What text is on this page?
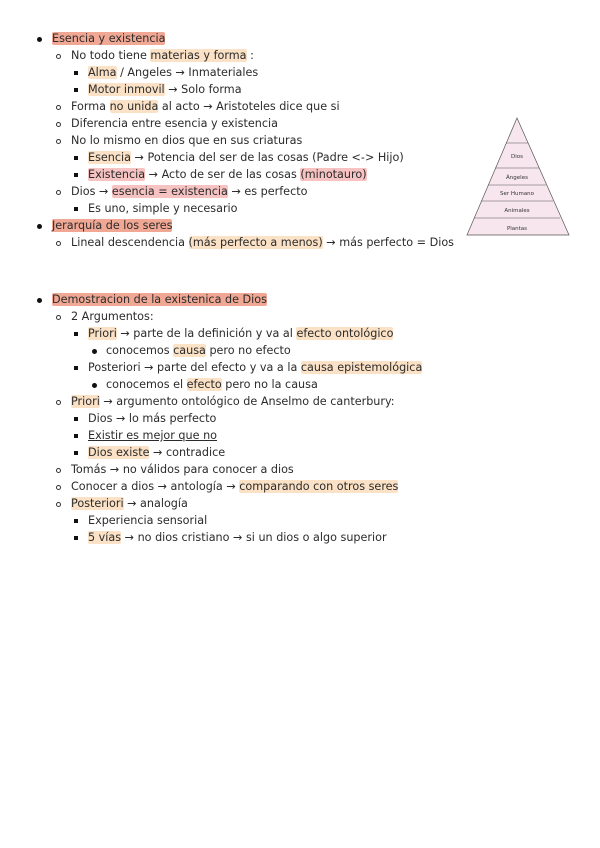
Esencia y existencia
No todo tiene materias y forma :
Alma / Angeles → Inmateriales
Motor inmovil → Solo forma
Forma no unida al acto → Aristoteles dice que si
Diferencia entre esencia y existencia
No lo mismo en dios que en sus criaturas
Esencia → Potencia del ser de las cosas (Padre <-> Hijo)
Existencia → Acto de ser de las cosas (minotauro)
Dios → esencia = existencia → es perfecto
Es uno, simple y necesario
Jerarquía de los seres
Lineal descendencia (más perfecto a menos) → más perfecto = Dios
Demostracion de la existenica de Dios
2 Argumentos:
Priori → parte de la definición y va al efecto ontológico
conocemos causa pero no efecto
Posteriori → parte del efecto y va a la causa epistemológica
conocemos el efecto pero no la causa
Priori → argumento ontológico de Anselmo de canterbury:
Dios → lo más perfecto
Existir es mejor que no
Dios existe → contradice
Tomás → no válidos para conocer a dios
Conocer a dios → antología → comparando con otros seres
Posteriori → analogía
Experiencia sensorial
5 vías → no dios cristiano → si un dios o algo superior
Dios
Ángeles
Ser Humano
Animales
Plantas
